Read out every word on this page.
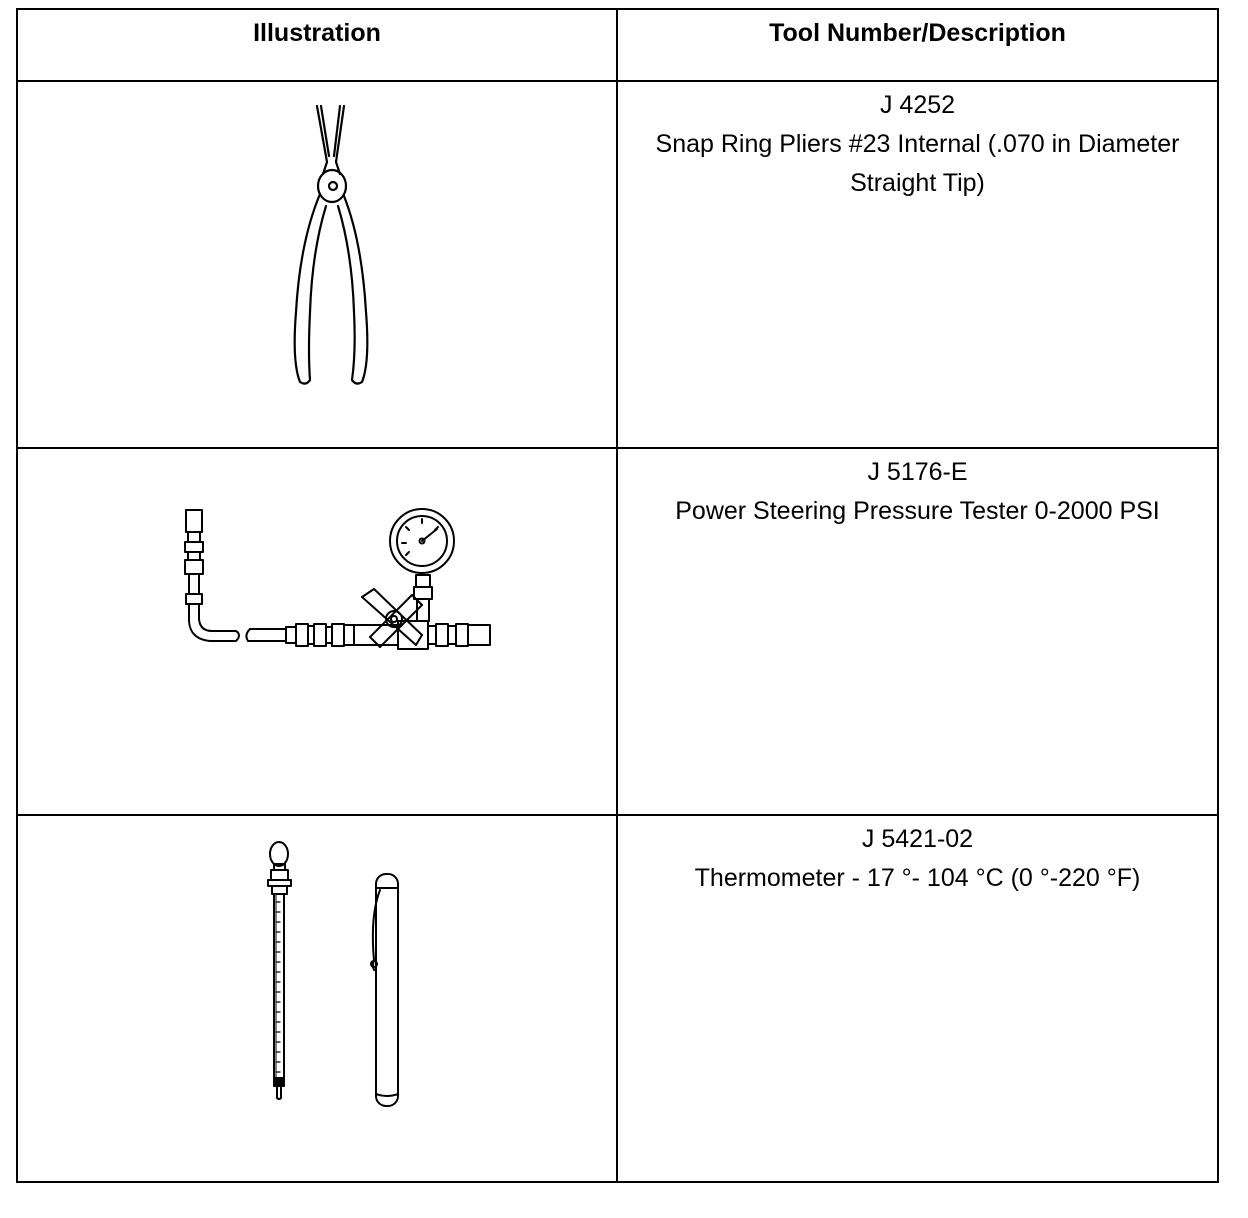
Illustration	Tool Number/Description

J 4252
Snap Ring Pliers #23 Internal (.070 in Diameter Straight Tip)

J 5176-E
Power Steering Pressure Tester 0-2000 PSI

J 5421-02
Thermometer - 17 °- 104 °C (0 °-220 °F)
